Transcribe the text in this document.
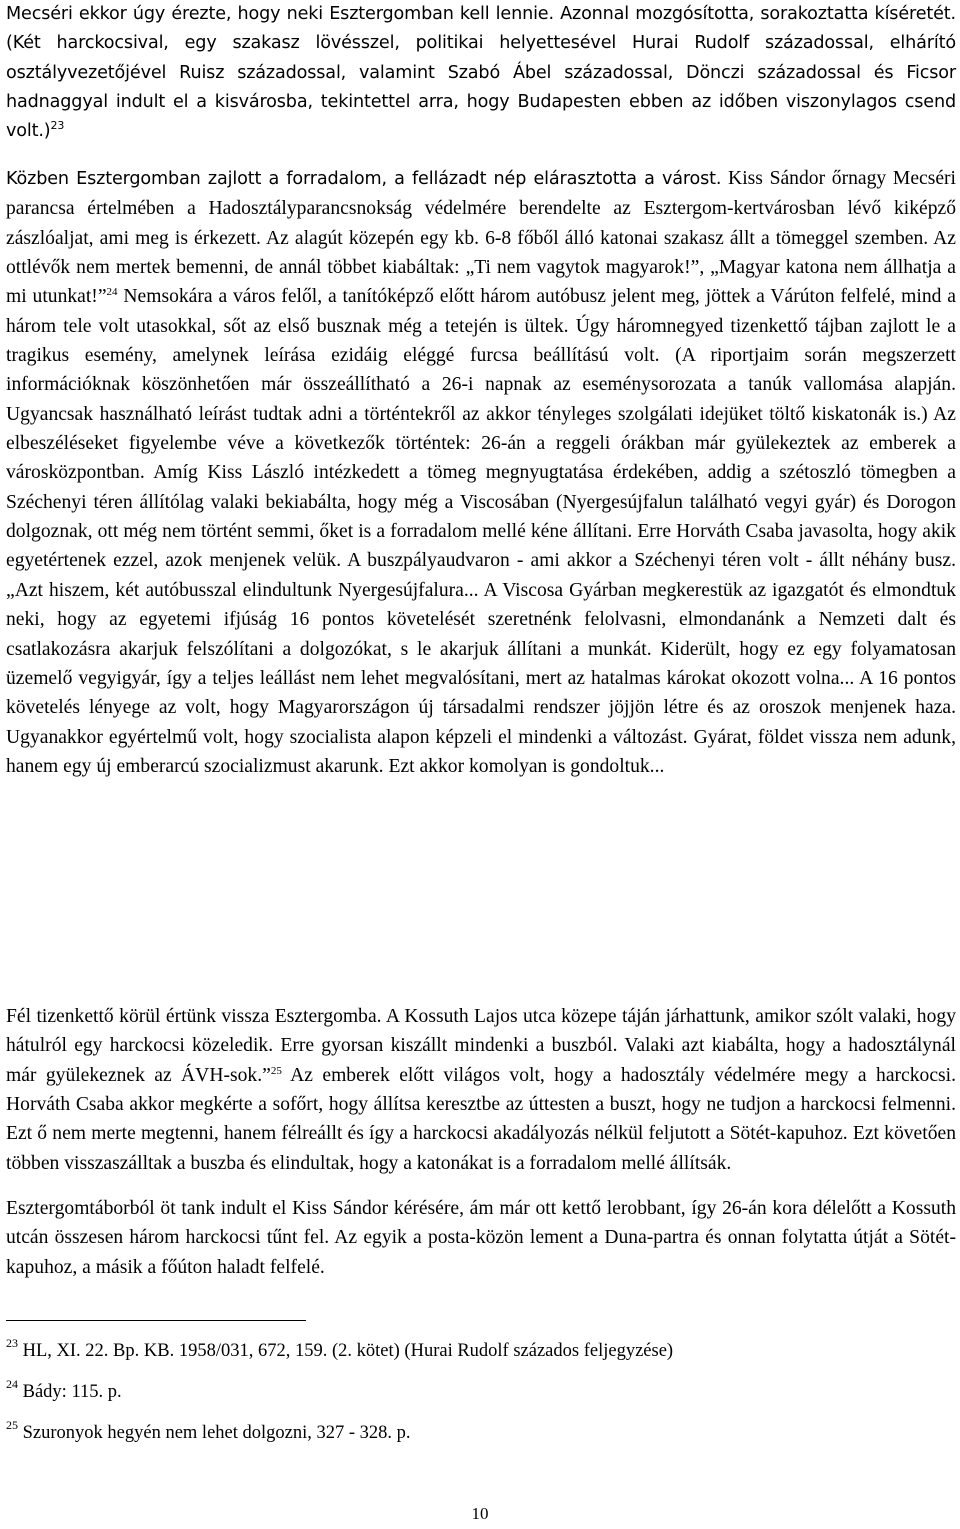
Mecséri ekkor úgy érezte, hogy neki Esztergomban kell lennie. Azonnal mozgósította, sorakoztatta kíséretét. (Két harckocsival, egy szakasz lövésszel, politikai helyettesével Hurai Rudolf századossal, elhárító osztályvezetőjével Ruisz századossal, valamint Szabó Ábel századossal, Dönczi századossal és Ficsor hadnaggyal indult el a kisvárosba, tekintettel arra, hogy Budapesten ebben az időben viszonylagos csend volt.)$^{23}$

Közben Esztergomban zajlott a forradalom, a fellázadt nép elárasztotta a várost. Kiss Sándor őrnagy Mecséri parancsa értelmében a Hadosztályparancsnokság védelmére berendelte az Esztergom-kertvárosban lévő kiképző zászlóaljat, ami meg is érkezett. Az alagút közepén egy kb. 6-8 főből álló katonai szakasz állt a tömeggel szemben. Az ottlévők nem mertek bemenni, de annál többet kiabáltak: „Ti nem vagytok magyarok!”, „Magyar katona nem állhatja a mi utunkat!”$^{24}$ Nemsokára a város felől, a tanítóképző előtt három autóbusz jelent meg, jöttek a Várúton felfelé, mind a három tele volt utasokkal, sőt az első busznak még a tetején is ültek. Úgy háromnegyed tizenkettő tájban zajlott le a tragikus esemény, amelynek leírása ezidáig eléggé furcsa beállítású volt. (A riportjaim során megszerzett információknak köszönhetően már összeállítható a 26-i napnak az eseménysorozata a tanúk vallomása alapján. Ugyancsak használható leírást tudtak adni a történtekről az akkor tényleges szolgálati idejüket töltő kiskatonák is.) Az elbeszéléseket figyelembe véve a következők történtek: 26-án a reggeli órákban már gyülekeztek az emberek a városközpontban. Amíg Kiss László intézkedett a tömeg megnyugtatása érdekében, addig a szétoszló tömegben a Széchenyi téren állítólag valaki bekiabálta, hogy még a Viscosában (Nyergesújfalun található vegyi gyár) és Dorogon dolgoznak, ott még nem történt semmi, őket is a forradalom mellé kéne állítani. Erre Horváth Csaba javasolta, hogy akik egyetértenek ezzel, azok menjenek velük. A buszpályaudvaron - ami akkor a Széchenyi téren volt - állt néhány busz. „Azt hiszem, két autóbusszal elindultunk Nyergesújfalura... A Viscosa Gyárban megkerestük az igazgatót és elmondtuk neki, hogy az egyetemi ifjúság 16 pontos követelését szeretnénk felolvasni, elmondanánk a Nemzeti dalt és csatlakozásra akarjuk felszólítani a dolgozókat, s le akarjuk állítani a munkát. Kiderült, hogy ez egy folyamatosan üzemelő vegyigyár, így a teljes leállást nem lehet megvalósítani, mert az hatalmas károkat okozott volna... A 16 pontos követelés lényege az volt, hogy Magyarországon új társadalmi rendszer jöjjön létre és az oroszok menjenek haza. Ugyanakkor egyértelmű volt, hogy szocialista alapon képzeli el mindenki a változást. Gyárat, földet vissza nem adunk, hanem egy új emberarcú szocializmust akarunk. Ezt akkor komolyan is gondoltuk...

Fél tizenkettő körül értünk vissza Esztergomba. A Kossuth Lajos utca közepe táján járhattunk, amikor szólt valaki, hogy hátulról egy harckocsi közeledik. Erre gyorsan kiszállt mindenki a buszból. Valaki azt kiabálta, hogy a hadosztálynál már gyülekeznek az ÁVH-sok.”$^{25}$ Az emberek előtt világos volt, hogy a hadosztály védelmére megy a harckocsi. Horváth Csaba akkor megkérte a sofőrt, hogy állítsa keresztbe az úttesten a buszt, hogy ne tudjon a harckocsi felmenni. Ezt ő nem merte megtenni, hanem félreállt és így a harckocsi akadályozás nélkül feljutott a Sötét-kapuhoz. Ezt követően többen visszaszálltak a buszba és elindultak, hogy a katonákat is a forradalom mellé állítsák.

Esztergomtáborból öt tank indult el Kiss Sándor kérésére, ám már ott kettő lerobbant, így 26-án kora délelőtt a Kossuth utcán összesen három harckocsi tűnt fel. Az egyik a posta-közön lement a Duna-partra és onnan folytatta útját a Sötét-kapuhoz, a másik a főúton haladt felfelé.

$^{23}$ HL, XI. 22. Bp. KB. 1958/031, 672, 159. (2. kötet) (Hurai Rudolf százados feljegyzése)

$^{24}$ Bády: 115. p.

$^{25}$ Szuronyok hegyén nem lehet dolgozni, 327 - 328. p.

10
